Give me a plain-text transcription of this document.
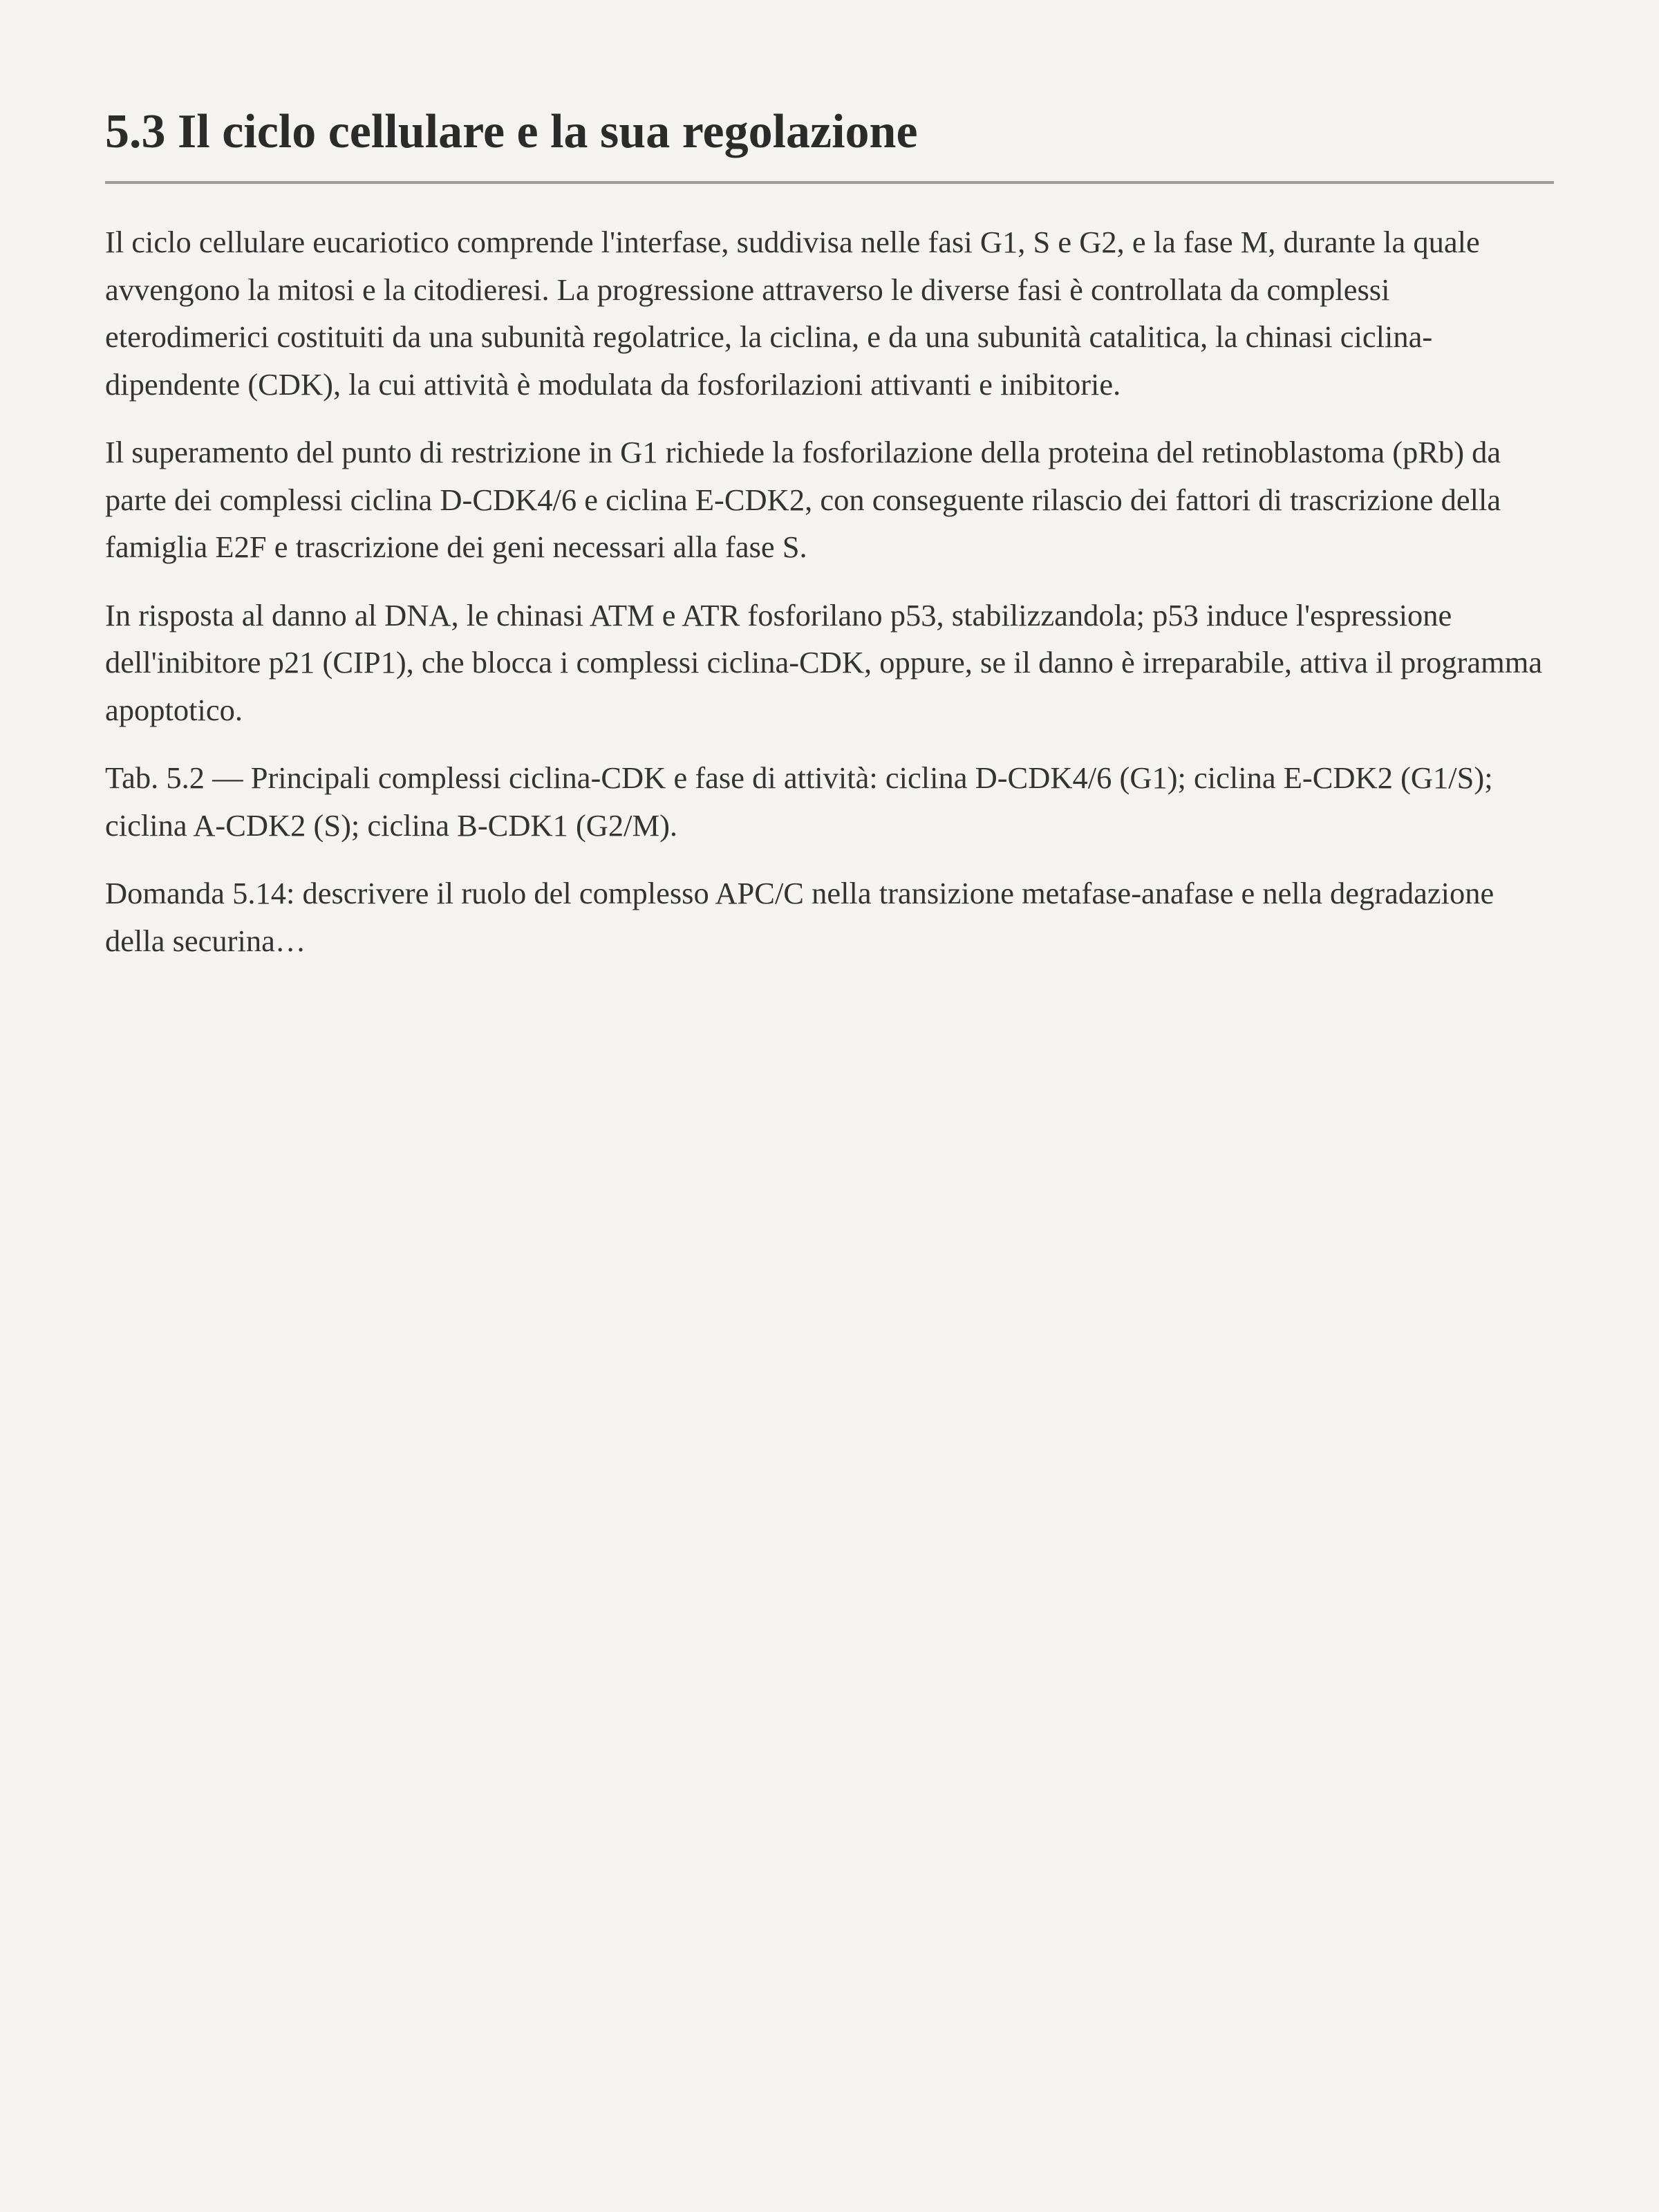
5.3 Il ciclo cellulare e la sua regolazione

Il ciclo cellulare eucariotico comprende l'interfase, suddivisa nelle fasi G1, S e G2, e la fase M, durante la quale avvengono la mitosi e la citodieresi. La progressione attraverso le diverse fasi è controllata da complessi eterodimerici costituiti da una subunità regolatrice, la ciclina, e da una subunità catalitica, la chinasi ciclina-dipendente (CDK), la cui attività è modulata da fosforilazioni attivanti e inibitorie.

Il superamento del punto di restrizione in G1 richiede la fosforilazione della proteina del retinoblastoma (pRb) da parte dei complessi ciclina D-CDK4/6 e ciclina E-CDK2, con conseguente rilascio dei fattori di trascrizione della famiglia E2F e trascrizione dei geni necessari alla fase S.

In risposta al danno al DNA, le chinasi ATM e ATR fosforilano p53, stabilizzandola; p53 induce l'espressione dell'inibitore p21 (CIP1), che blocca i complessi ciclina-CDK, oppure, se il danno è irreparabile, attiva il programma apoptotico.

Tab. 5.2 — Principali complessi ciclina-CDK e fase di attività: ciclina D-CDK4/6 (G1); ciclina E-CDK2 (G1/S); ciclina A-CDK2 (S); ciclina B-CDK1 (G2/M).

Domanda 5.14: descrivere il ruolo del complesso APC/C nella transizione metafase-anafase e nella degradazione della securina…
